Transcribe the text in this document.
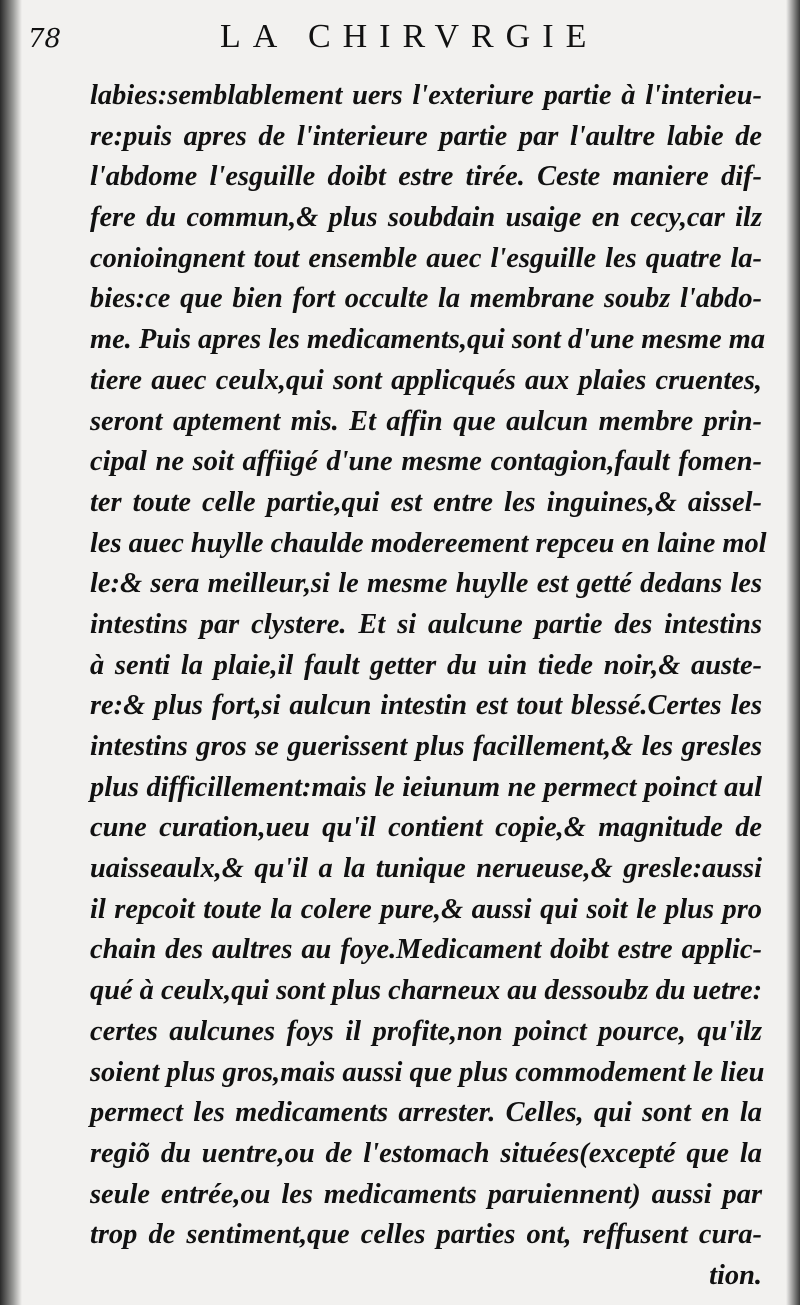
78	LA CHIRVRGIE
labies:semblablement uers l'exteriure partie à l'interieu-
re:puis apres de l'interieure partie par l'aultre labie de
l'abdome l'esguille doibt estre tirée. Ceste maniere dif-
fere du commun,& plus soubdain usaige en cecy,car ilz
conioingnent tout ensemble auec l'esguille les quatre la-
bies:ce que bien fort occulte la membrane soubz l'abdo-
me. Puis apres les medicaments,qui sont d'une mesme ma
tiere auec ceulx,qui sont applicqués aux plaies cruentes,
seront aptement mis. Et affin que aulcun membre prin-
cipal ne soit affiigé d'une mesme contagion,fault fomen-
ter toute celle partie,qui est entre les inguines,& aissel-
les auec huylle chaulde modereement repceu en laine mol
le:& sera meilleur,si le mesme huylle est getté dedans les
intestins par clystere. Et si aulcune partie des intestins
à senti la plaie,il fault getter du uin tiede noir,& auste-
re:& plus fort,si aulcun intestin est tout blessé.Certes les
intestins gros se guerissent plus facillement,& les gresles
plus difficillement:mais le ieiunum ne permect poinct aul
cune curation,ueu qu'il contient copie,& magnitude de
uaisseaulx,& qu'il a la tunique nerueuse,& gresle:aussi
il repcoit toute la colere pure,& aussi qui soit le plus pro
chain des aultres au foye.Medicament doibt estre applic-
qué à ceulx,qui sont plus charneux au dessoubz du uetre:
certes aulcunes foys il profite,non poinct pource, qu'ilz
soient plus gros,mais aussi que plus commodement le lieu
permect les medicaments arrester. Celles, qui sont en la
regiõ du uentre,ou de l'estomach situées(excepté que la
seule entrée,ou les medicaments paruiennent) aussi par
trop de sentiment,que celles parties ont, reffusent cura-
tion.
